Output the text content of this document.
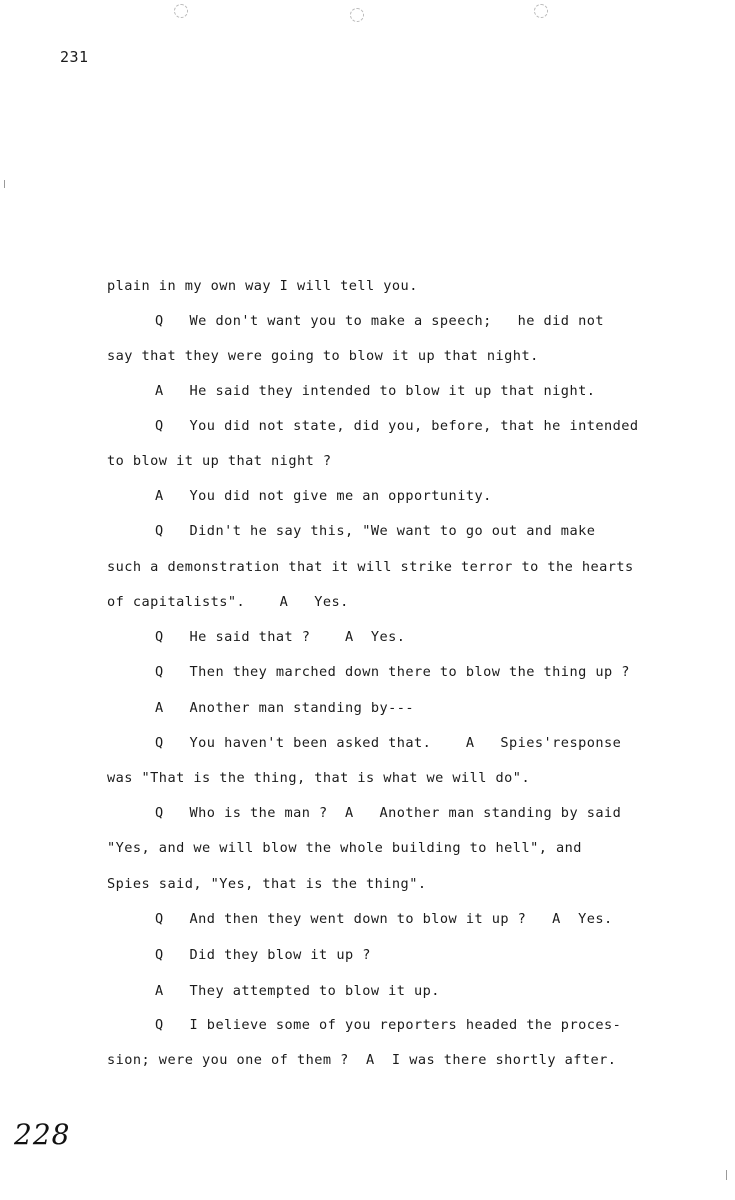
231
plain in my own way I will tell you.
Q   We don't want you to make a speech;   he did not
say that they were going to blow it up that night.
A   He said they intended to blow it up that night.
Q   You did not state, did you, before, that he intended
to blow it up that night ?
A   You did not give me an opportunity.
Q   Didn't he say this, "We want to go out and make
such a demonstration that it will strike terror to the hearts
of capitalists".    A   Yes.
Q   He said that ?    A  Yes.
Q   Then they marched down there to blow the thing up ?
A   Another man standing by---
Q   You haven't been asked that.    A   Spies'response
was "That is the thing, that is what we will do".
Q   Who is the man ?  A   Another man standing by said
"Yes, and we will blow the whole building to hell", and
Spies said, "Yes, that is the thing".
Q   And then they went down to blow it up ?   A  Yes.
Q   Did they blow it up ?
A   They attempted to blow it up.
Q   I believe some of you reporters headed the proces-
sion; were you one of them ?  A  I was there shortly after.
228
